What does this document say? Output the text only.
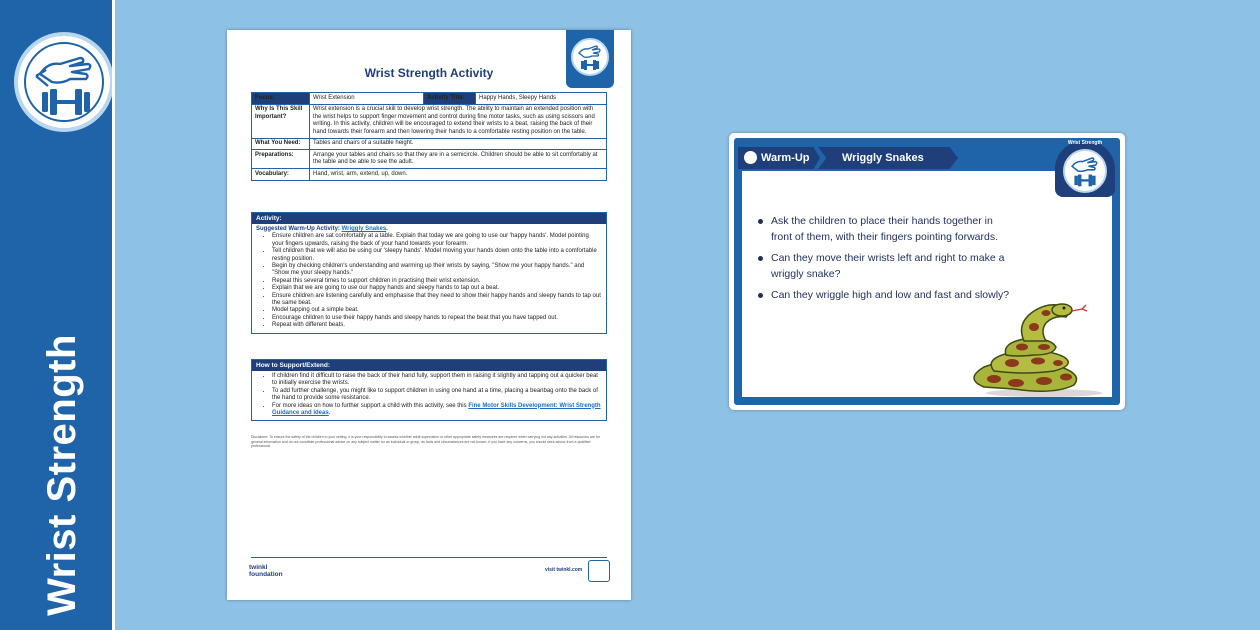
Wrist Strength
Wrist Strength Activity
Focus:	Wrist Extension	Activity Title:	Happy Hands, Sleepy Hands
Why Is This Skill Important?	Wrist extension is a crucial skill to develop wrist strength. The ability to maintain an extended position with the wrist helps to support finger movement and control during fine motor tasks, such as using scissors and writing. In this activity, children will be encouraged to extend their wrists to a beat, raising the back of their hand towards their forearm and then lowering their hands to a comfortable resting position on the table.		
What You Need:	Tables and chairs of a suitable height.		
Preparations:	Arrange your tables and chairs so that they are in a semicircle. Children should be able to sit comfortably at the table and be able to see the adult.		
Vocabulary:	Hand, wrist, arm, extend, up, down.		
Activity:
Suggested Warm-Up Activity: Wriggly Snakes.
• Ensure children are sat comfortably at a table. Explain that today we are going to use our 'happy hands'. Model pointing your fingers upwards, raising the back of your hand towards your forearm.
• Tell children that we will also be using our 'sleepy hands'. Model moving your hands down onto the table into a comfortable resting position.
• Begin by checking children's understanding and warming up their wrists by saying, "Show me your happy hands." and "Show me your sleepy hands."
• Repeat this several times to support children in practising their wrist extension.
• Explain that we are going to use our happy hands and sleepy hands to tap out a beat.
• Ensure children are listening carefully and emphasise that they need to show their happy hands and sleepy hands to tap out the same beat.
• Model tapping out a simple beat.
• Encourage children to use their happy hands and sleepy hands to repeat the beat that you have tapped out.
• Repeat with different beats.
How to Support/Extend:
• If children find it difficult to raise the back of their hand fully, support them in raising it slightly and tapping out a quicker beat to initially exercise the wrists.
• To add further challenge, you might like to support children in using one hand at a time, placing a beanbag onto the back of the hand to provide some resistance.
• For more ideas on how to further support a child with this activity, see this Fine Motor Skills Development: Wrist Strength Guidance and Ideas.
Disclaimer: To ensure the safety of the children in your setting, it is your responsibility to assess whether adult supervision or other appropriate safety measures are required when carrying out any activities. All resources are for general information and do not constitute professional advice on any subject matter for an individual or group, as facts and circumstances are not known. If you have any concerns, you should seek advice from a qualified professional.
twinkl foundation
visit twinkl.com
Warm-Up	Wriggly Snakes
Ask the children to place their hands together in front of them, with their fingers pointing forwards.
Can they move their wrists left and right to make a wriggly snake?
Can they wriggle high and low and fast and slowly?
Wrist Strength
